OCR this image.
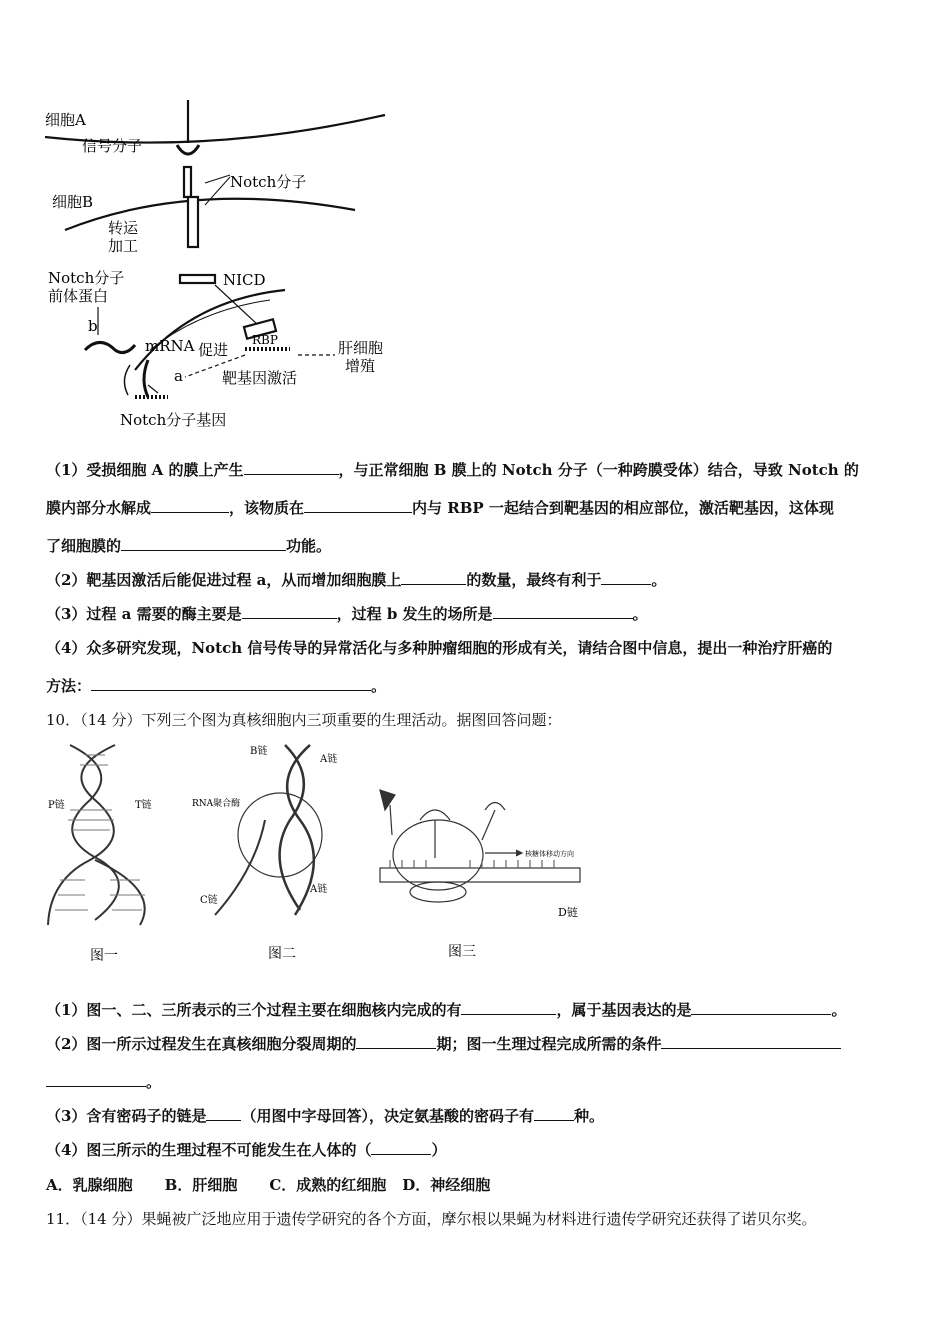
细胞A
信号分子
Notch分子
细胞B
转运
加工
NICD
Notch分子
前体蛋白
b
mRNA 促进
RBP	肝细胞
增殖
a	靶基因激活
Notch分子基因
（1）受损细胞 A 的膜上产生	，与正常细胞 B 膜上的 Notch 分子（一种跨膜受体）结合，导致 Notch 的
膜内部分水解成	，该物质在	内与 RBP 一起结合到靶基因的相应部位，激活靶基因，这体现
了细胞膜的	功能。
（2）靶基因激活后能促进过程 a，从而增加细胞膜上	的数量，最终有利于	。
（3）过程 a 需要的酶主要是	，过程 b 发生的场所是	。
（4）众多研究发现，Notch 信号传导的异常活化与多种肿瘤细胞的形成有关，请结合图中信息，提出一种治疗肝癌的
方法：	。
10．（14 分）下列三个图为真核细胞内三项重要的生理活动。据图回答问题：
P链	T链
B链
A链
RNA聚合酶
C链
A链
核糖体移动方向
D链
图一	图二	图三
（1）图一、二、三所表示的三个过程主要在细胞核内完成的有	，属于基因表达的是	。
（2）图一所示过程发生在真核细胞分裂周期的	期；图一生理过程完成所需的条件
。
（3）含有密码子的链是 （用图中字母回答），决定氨基酸的密码子有	种。
（4）图三所示的生理过程不可能发生在人体的（	）
A．乳腺细胞 B．肝细胞 C．成熟的红细胞 D．神经细胞
11．（14 分）果蝇被广泛地应用于遗传学研究的各个方面，摩尔根以果蝇为材料进行遗传学研究还获得了诺贝尔奖。
